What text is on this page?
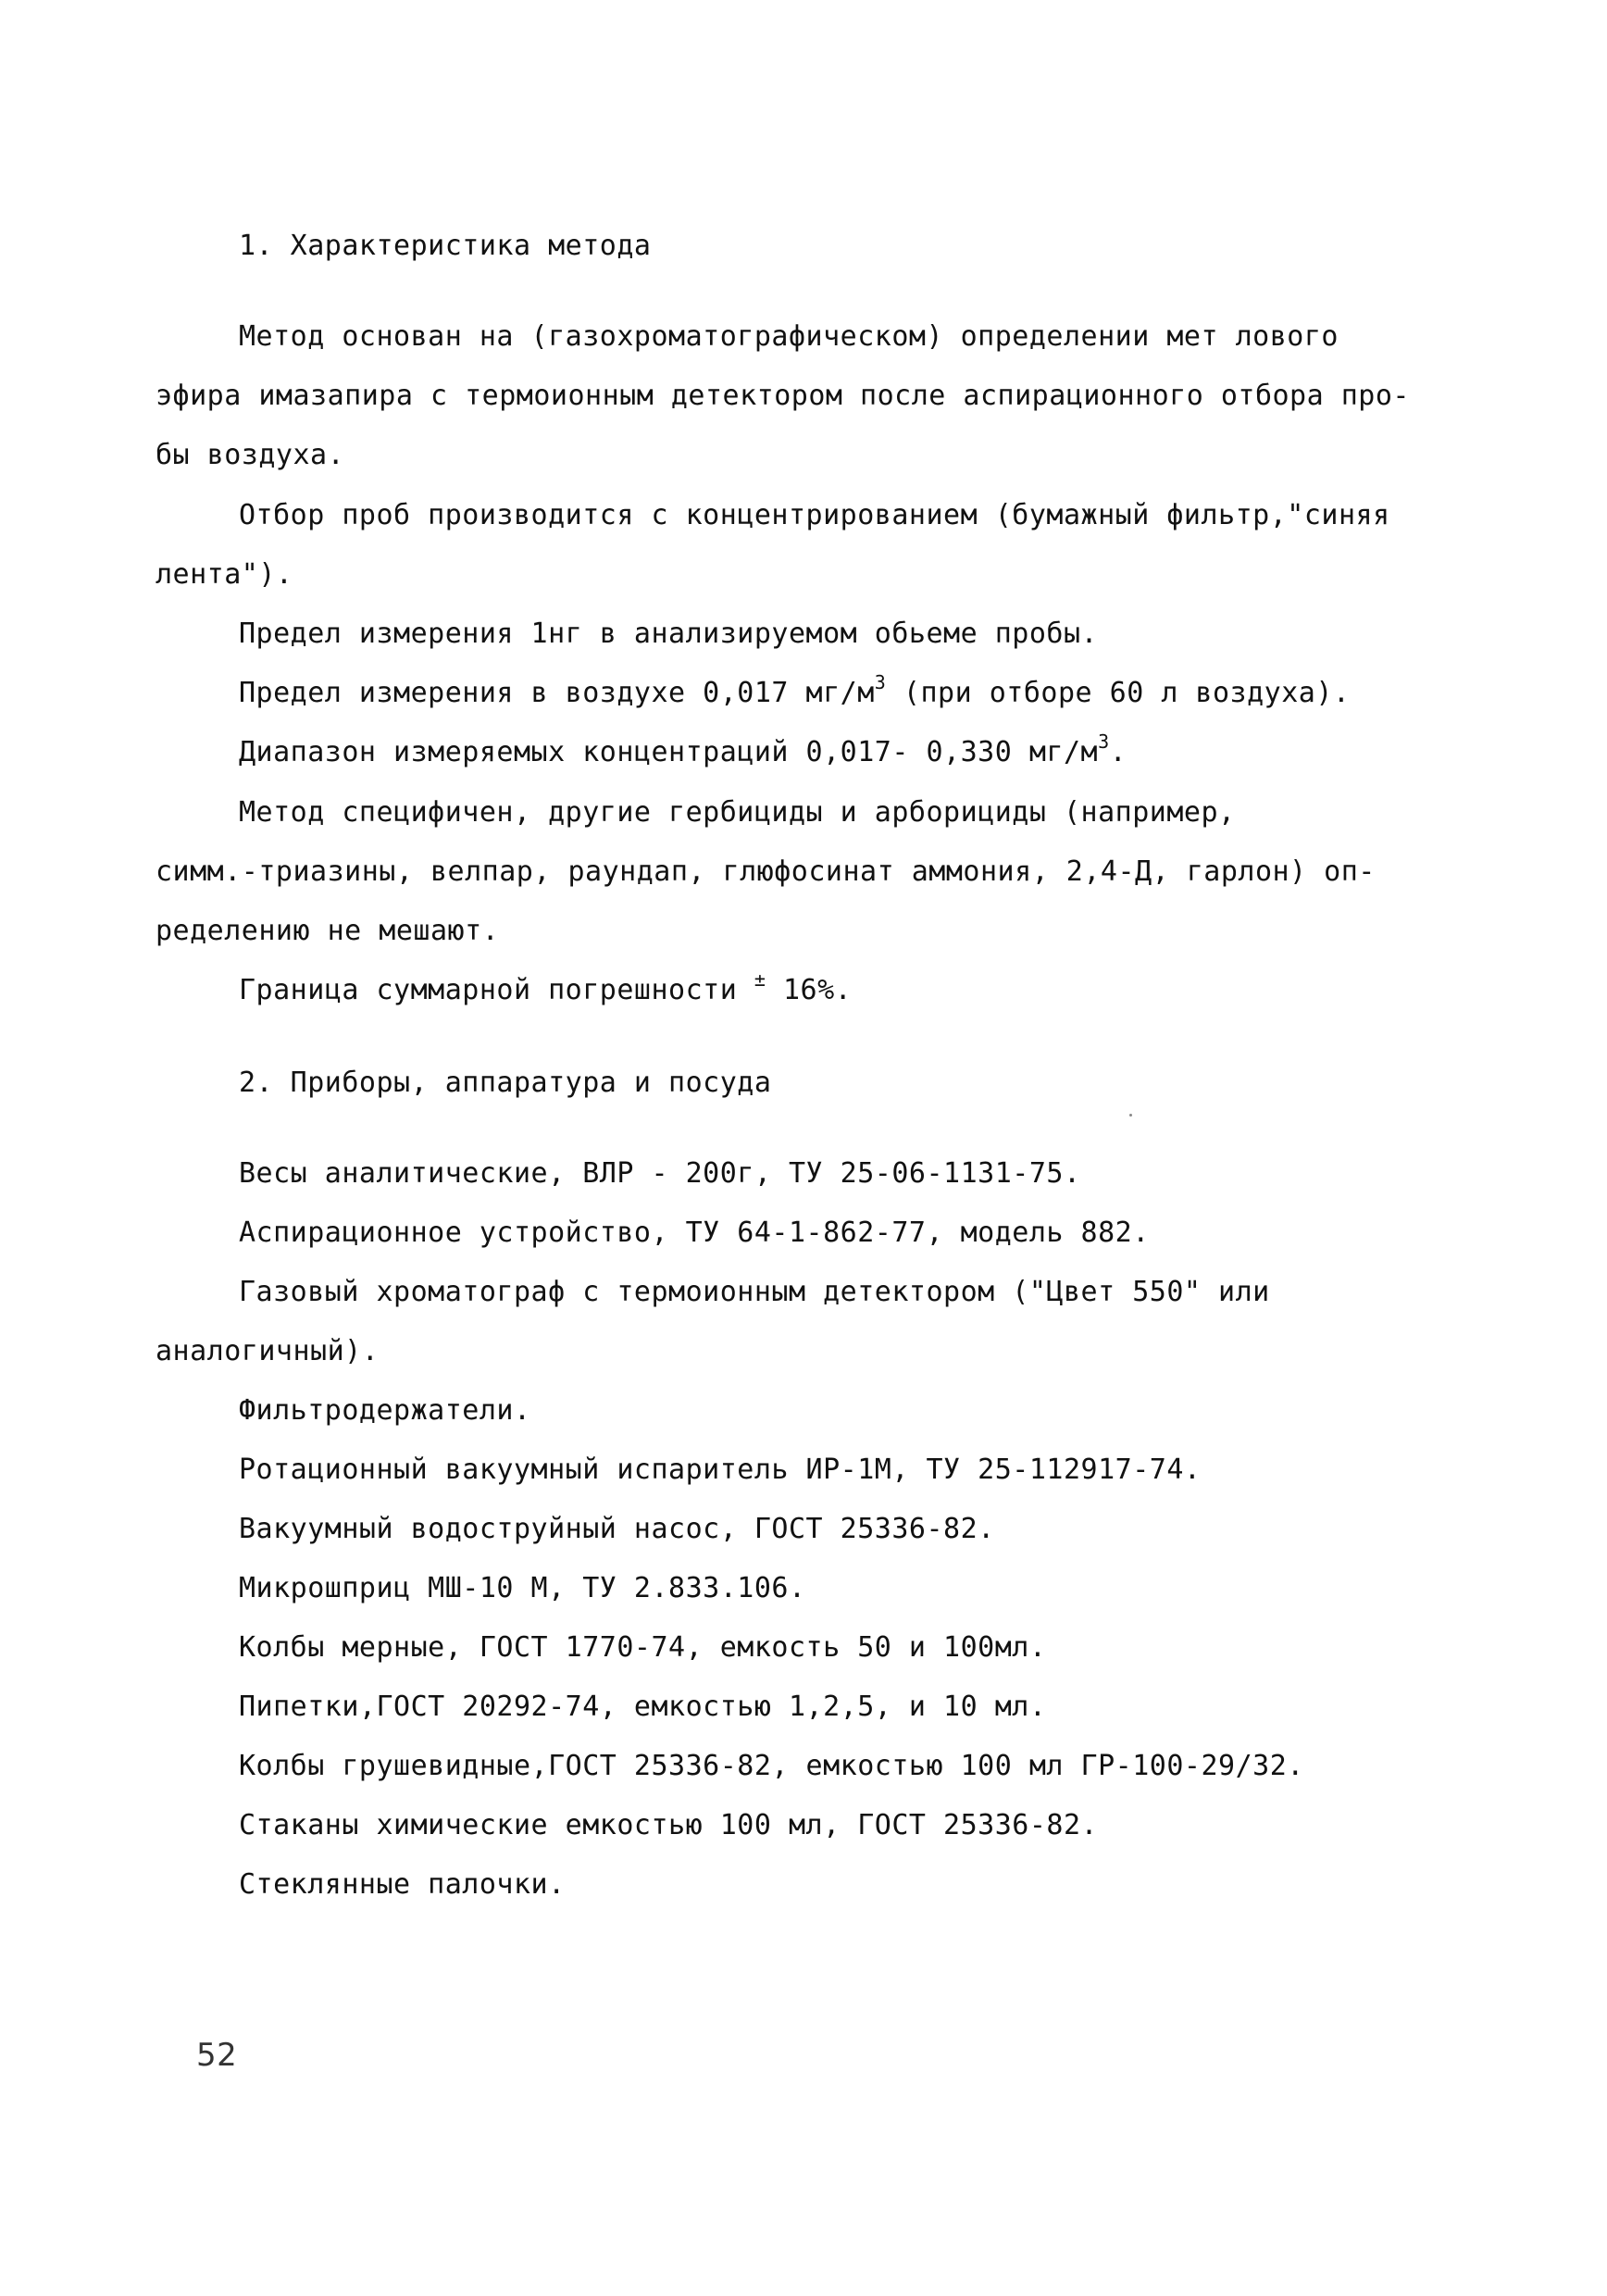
1. Характеристика метода
Метод основан на (газохроматографическом) определении мет лового
эфира имазапира с термоионным детектором после аспирационного отбора про-
бы воздуха.
Отбор проб производится с концентрированием (бумажный фильтр,"синяя
лента").
Предел измерения 1нг в анализируемом обьеме пробы.
Предел измерения в воздухе 0,017 $мг/м^3$ (при отборе 60 л воздуха).
Диапазон измеряемых концентраций 0,017- 0,330 $мг/м^3$.
Метод специфичен, другие гербициды и арборициды (например,
симм.-триазины, велпар, раундап, глюфосинат аммония, 2,4-Д, гарлон) оп-
ределению не мешают.
Граница суммарной погрешности ± 16%.
2. Приборы, аппаратура и посуда
Весы аналитические, ВЛР - 200г, ТУ 25-06-1131-75.
Аспирационное устройство, ТУ 64-1-862-77, модель 882.
Газовый хроматограф с термоионным детектором ("Цвет 550" или
аналогичный).
Фильтродержатели.
Ротационный вакуумный испаритель ИР-1М, ТУ 25-112917-74.
Вакуумный водоструйный насос, ГОСТ 25336-82.
Микрошприц МШ-10 М, ТУ 2.833.106.
Колбы мерные, ГОСТ 1770-74, емкость 50 и 100мл.
Пипетки,ГОСТ 20292-74, емкостью 1,2,5, и 10 мл.
Колбы грушевидные,ГОСТ 25336-82, емкостью 100 мл ГР-100-29/32.
Стаканы химические емкостью 100 мл, ГОСТ 25336-82.
Стеклянные палочки.
52
